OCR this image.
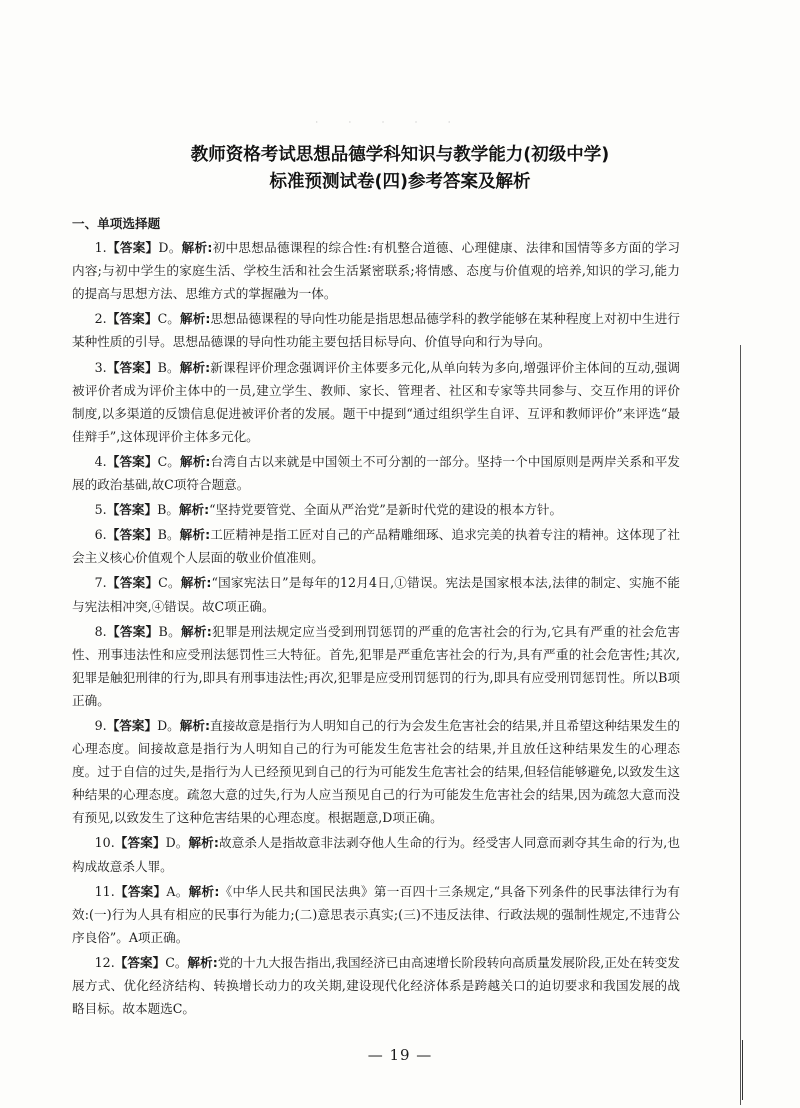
· · · · ·
教师资格考试思想品德学科知识与教学能力(初级中学)
标准预测试卷(四)参考答案及解析
一、单项选择题

1.【答案】D。解析:初中思想品德课程的综合性:有机整合道德、心理健康、法律和国情等多方面的学习内容;与初中学生的家庭生活、学校生活和社会生活紧密联系;将情感、态度与价值观的培养,知识的学习,能力的提高与思想方法、思维方式的掌握融为一体。

2.【答案】C。解析:思想品德课程的导向性功能是指思想品德学科的教学能够在某种程度上对初中生进行某种性质的引导。思想品德课的导向性功能主要包括目标导向、价值导向和行为导向。

3.【答案】B。解析:新课程评价理念强调评价主体要多元化,从单向转为多向,增强评价主体间的互动,强调被评价者成为评价主体中的一员,建立学生、教师、家长、管理者、社区和专家等共同参与、交互作用的评价制度,以多渠道的反馈信息促进被评价者的发展。题干中提到“通过组织学生自评、互评和教师评价”来评选“最佳辩手”,这体现评价主体多元化。

4.【答案】C。解析:台湾自古以来就是中国领土不可分割的一部分。坚持一个中国原则是两岸关系和平发展的政治基础,故C项符合题意。

5.【答案】B。解析:“坚持党要管党、全面从严治党”是新时代党的建设的根本方针。

6.【答案】B。解析:工匠精神是指工匠对自己的产品精雕细琢、追求完美的执着专注的精神。这体现了社会主义核心价值观个人层面的敬业价值准则。

7.【答案】C。解析:“国家宪法日”是每年的12月4日,①错误。宪法是国家根本法,法律的制定、实施不能与宪法相冲突,④错误。故C项正确。

8.【答案】B。解析:犯罪是刑法规定应当受到刑罚惩罚的严重的危害社会的行为,它具有严重的社会危害性、刑事违法性和应受刑法惩罚性三大特征。首先,犯罪是严重危害社会的行为,具有严重的社会危害性;其次,犯罪是触犯刑律的行为,即具有刑事违法性;再次,犯罪是应受刑罚惩罚的行为,即具有应受刑罚惩罚性。所以B项正确。

9.【答案】D。解析:直接故意是指行为人明知自己的行为会发生危害社会的结果,并且希望这种结果发生的心理态度。间接故意是指行为人明知自己的行为可能发生危害社会的结果,并且放任这种结果发生的心理态度。过于自信的过失,是指行为人已经预见到自己的行为可能发生危害社会的结果,但轻信能够避免,以致发生这种结果的心理态度。疏忽大意的过失,行为人应当预见自己的行为可能发生危害社会的结果,因为疏忽大意而没有预见,以致发生了这种危害结果的心理态度。根据题意,D项正确。

10.【答案】D。解析:故意杀人是指故意非法剥夺他人生命的行为。经受害人同意而剥夺其生命的行为,也构成故意杀人罪。

11.【答案】A。解析:《中华人民共和国民法典》第一百四十三条规定,“具备下列条件的民事法律行为有效:(一)行为人具有相应的民事行为能力;(二)意思表示真实;(三)不违反法律、行政法规的强制性规定,不违背公序良俗”。A项正确。

12.【答案】C。解析:党的十九大报告指出,我国经济已由高速增长阶段转向高质量发展阶段,正处在转变发展方式、优化经济结构、转换增长动力的攻关期,建设现代化经济体系是跨越关口的迫切要求和我国发展的战略目标。故本题选C。

— 19 —
